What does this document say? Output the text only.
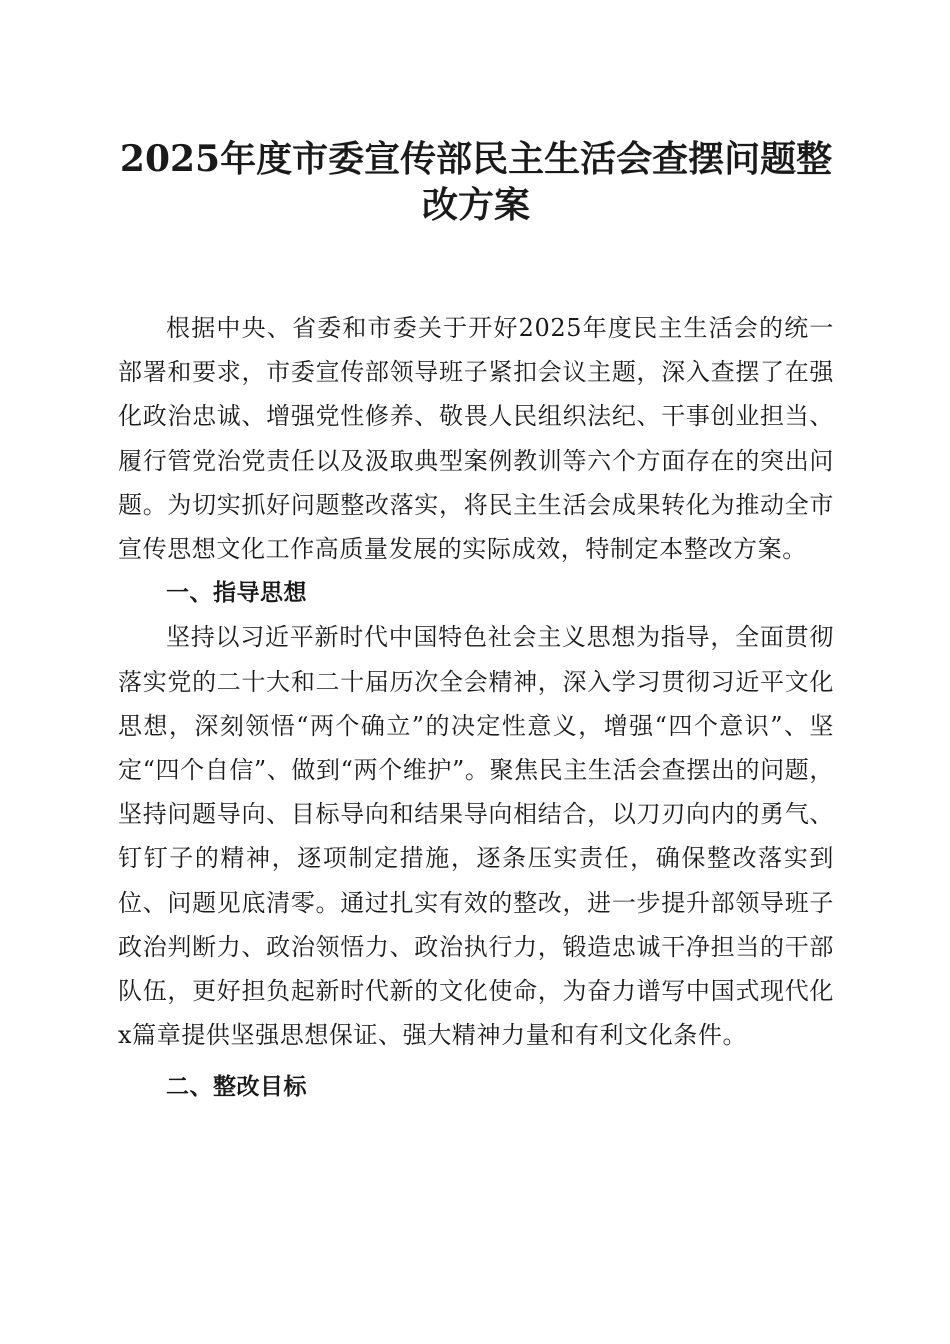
2025年度市委宣传部民主生活会查摆问题整
改方案

根据中央、省委和市委关于开好2025年度民主生活会的统一部署和要求，市委宣传部领导班子紧扣会议主题，深入查摆了在强化政治忠诚、增强党性修养、敬畏人民组织法纪、干事创业担当、履行管党治党责任以及汲取典型案例教训等六个方面存在的突出问题。为切实抓好问题整改落实，将民主生活会成果转化为推动全市宣传思想文化工作高质量发展的实际成效，特制定本整改方案。

一、指导思想

坚持以习近平新时代中国特色社会主义思想为指导，全面贯彻落实党的二十大和二十届历次全会精神，深入学习贯彻习近平文化思想，深刻领悟“两个确立”的决定性意义，增强“四个意识”、坚定“四个自信”、做到“两个维护”。聚焦民主生活会查摆出的问题，坚持问题导向、目标导向和结果导向相结合，以刀刃向内的勇气、钉钉子的精神，逐项制定措施，逐条压实责任，确保整改落实到位、问题见底清零。通过扎实有效的整改，进一步提升部领导班子政治判断力、政治领悟力、政治执行力，锻造忠诚干净担当的干部队伍，更好担负起新时代新的文化使命，为奋力谱写中国式现代化x篇章提供坚强思想保证、强大精神力量和有利文化条件。

二、整改目标
